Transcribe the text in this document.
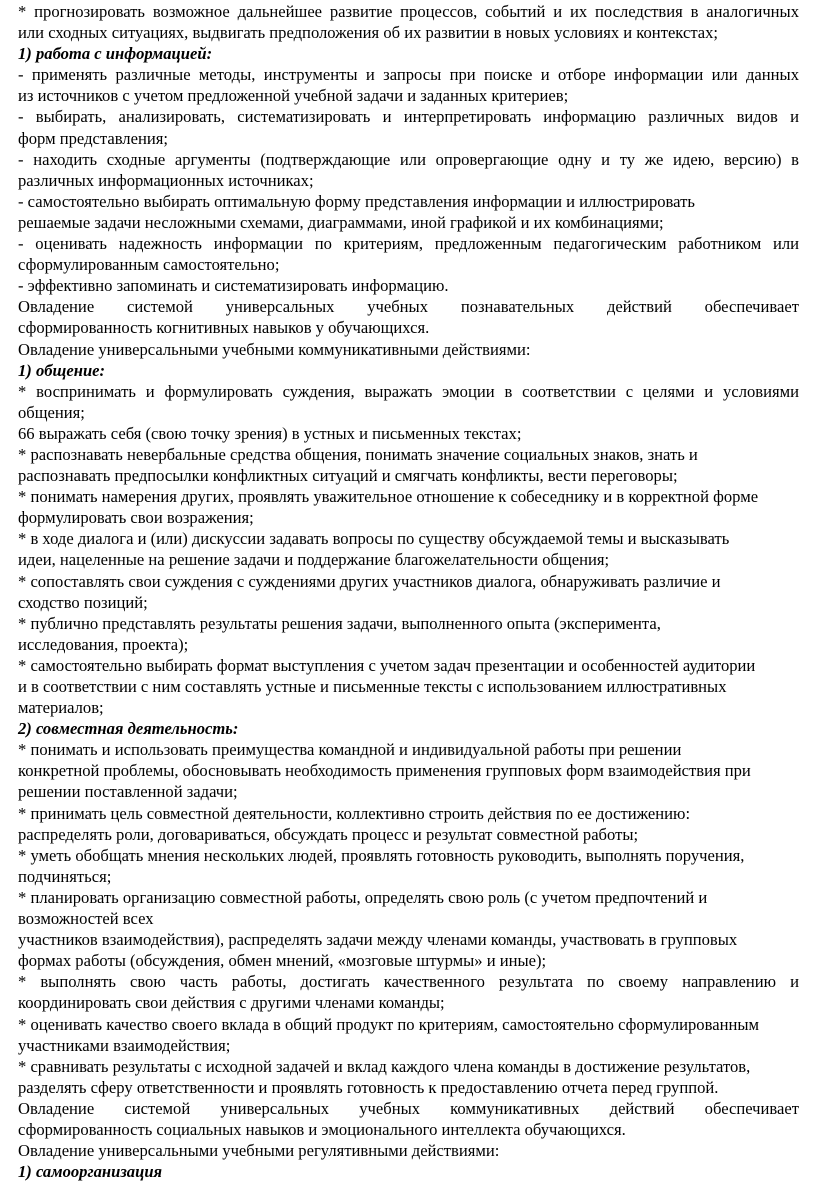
* прогнозировать возможное дальнейшее развитие процессов, событий и их последствия в аналогичных
или сходных ситуациях, выдвигать предположения об их развитии в новых условиях и контекстах;
1) работа с информацией:
- применять различные методы, инструменты и запросы при поиске и отборе информации или данных
из источников с учетом предложенной учебной задачи и заданных критериев;
- выбирать, анализировать, систематизировать и интерпретировать информацию различных видов и
форм представления;
- находить сходные аргументы (подтверждающие или опровергающие одну и ту же идею, версию) в
различных информационных источниках;
- самостоятельно выбирать оптимальную форму представления информации и иллюстрировать
решаемые задачи несложными схемами, диаграммами, иной графикой и их комбинациями;
- оценивать надежность информации по критериям, предложенным педагогическим работником или
сформулированным самостоятельно;
- эффективно запоминать и систематизировать информацию.
Овладение системой универсальных учебных познавательных действий обеспечивает
сформированность когнитивных навыков у обучающихся.
Овладение универсальными учебными коммуникативными действиями:
1) общение:
* воспринимать и формулировать суждения, выражать эмоции в соответствии с целями и условиями
общения;
66 выражать себя (свою точку зрения) в устных и письменных текстах;
* распознавать невербальные средства общения, понимать значение социальных знаков, знать и
распознавать предпосылки конфликтных ситуаций и смягчать конфликты, вести переговоры;
* понимать намерения других, проявлять уважительное отношение к собеседнику и в корректной форме
формулировать свои возражения;
* в ходе диалога и (или) дискуссии задавать вопросы по существу обсуждаемой темы и высказывать
идеи, нацеленные на решение задачи и поддержание благожелательности общения;
* сопоставлять свои суждения с суждениями других участников диалога, обнаруживать различие и
сходство позиций;
* публично представлять результаты решения задачи, выполненного опыта (эксперимента,
исследования, проекта);
* самостоятельно выбирать формат выступления с учетом задач презентации и особенностей аудитории
и в соответствии с ним составлять устные и письменные тексты с использованием иллюстративных
материалов;
2) совместная деятельность:
* понимать и использовать преимущества командной и индивидуальной работы при решении
конкретной проблемы, обосновывать необходимость применения групповых форм взаимодействия при
решении поставленной задачи;
* принимать цель совместной деятельности, коллективно строить действия по ее достижению:
распределять роли, договариваться, обсуждать процесс и результат совместной работы;
* уметь обобщать мнения нескольких людей, проявлять готовность руководить, выполнять поручения,
подчиняться;
* планировать организацию совместной работы, определять свою роль (с учетом предпочтений и
возможностей всех
участников взаимодействия), распределять задачи между членами команды, участвовать в групповых
формах работы (обсуждения, обмен мнений, «мозговые штурмы» и иные);
* выполнять свою часть работы, достигать качественного результата по своему направлению и
координировать свои действия с другими членами команды;
* оценивать качество своего вклада в общий продукт по критериям, самостоятельно сформулированным
участниками взаимодействия;
* сравнивать результаты с исходной задачей и вклад каждого члена команды в достижение результатов,
разделять сферу ответственности и проявлять готовность к предоставлению отчета перед группой.
Овладение системой универсальных учебных коммуникативных действий обеспечивает
сформированность социальных навыков и эмоционального интеллекта обучающихся.
Овладение универсальными учебными регулятивными действиями:
1) самоорганизация
